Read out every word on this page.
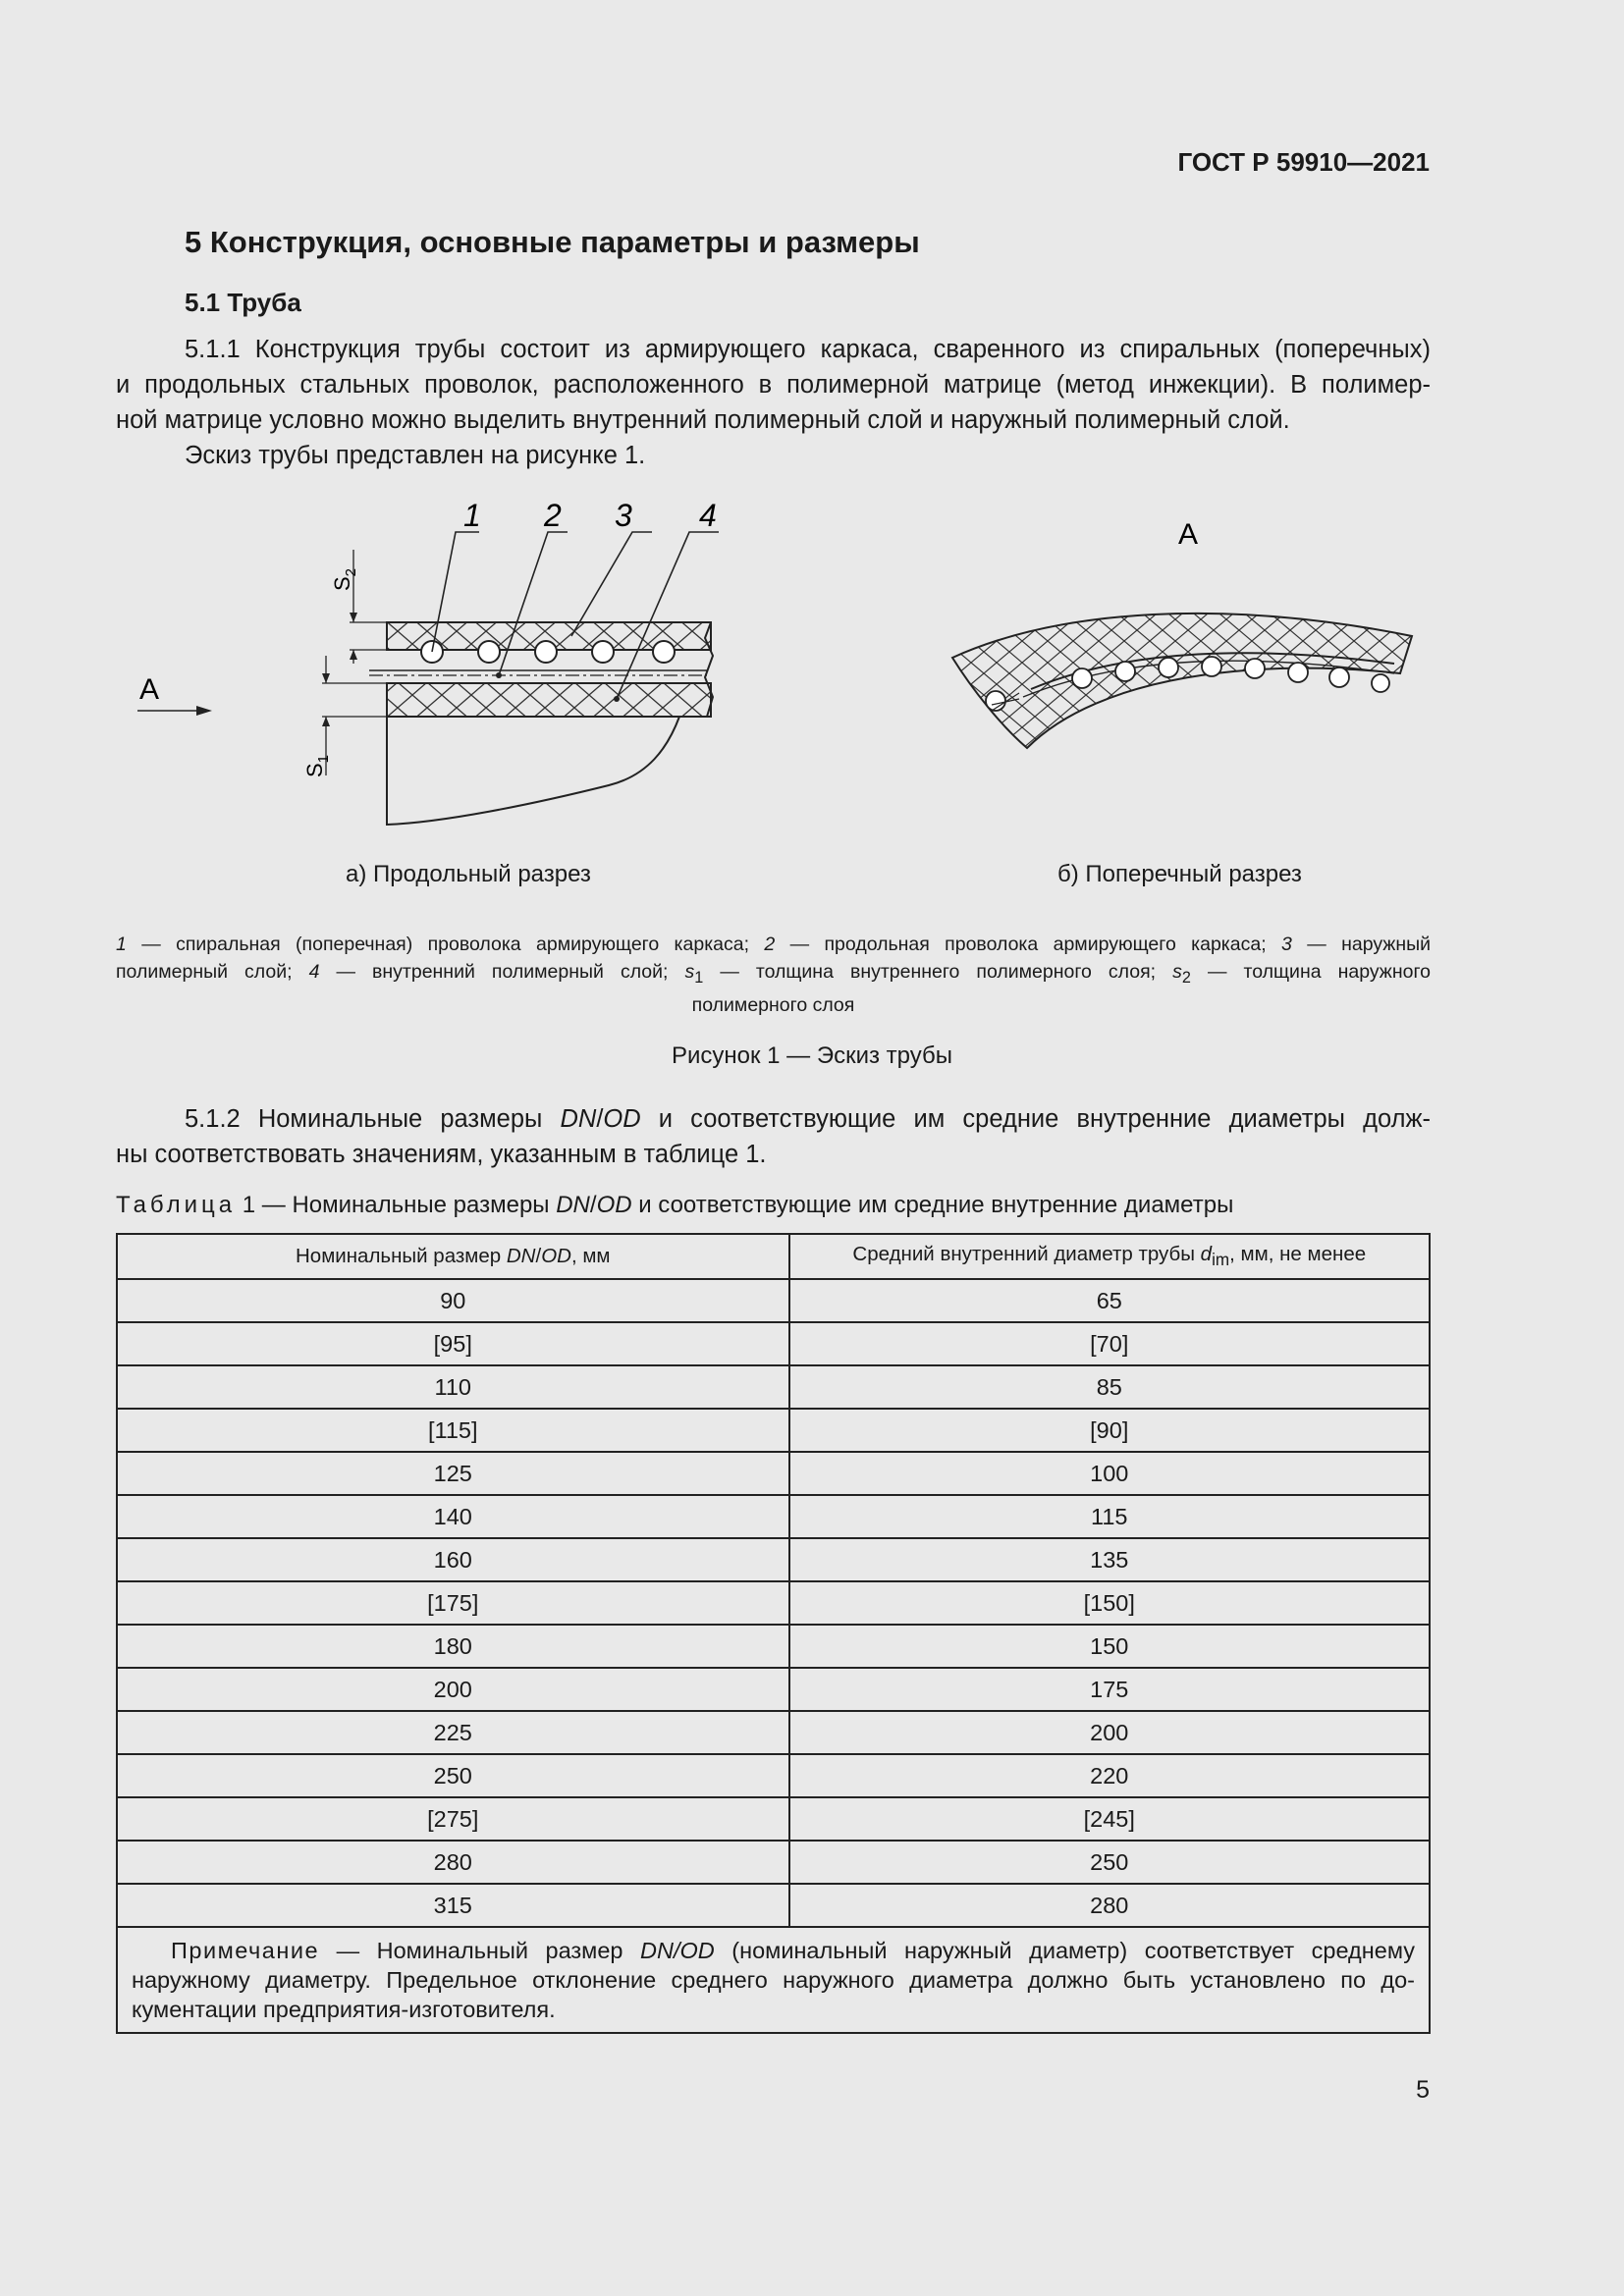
ГОСТ Р 59910—2021
5 Конструкция, основные параметры и размеры
5.1 Труба

5.1.1 Конструкция трубы состоит из армирующего каркаса, сваренного из спиральных (поперечных)
и продольных стальных проволок, расположенного в полимерной матрице (метод инжекции). В полимер-
ной матрице условно можно выделить внутренний полимерный слой и наружный полимерный слой.
Эскиз трубы представлен на рисунке 1.

1 2 3 4
$S_2$
$S_1$
A
A
а) Продольный разрез	б) Поперечный разрез
1 — спиральная (поперечная) проволока армирующего каркаса; 2 — продольная проволока армирующего каркаса; 3 — наружный
полимерный слой; 4 — внутренний полимерный слой; $s_1$ — толщина внутреннего полимерного слоя; $s_2$ — толщина наружного
полимерного слоя
Рисунок 1 — Эскиз трубы

5.1.2 Номинальные размеры DN/OD и соответствующие им средние внутренние диаметры долж-
ны соответствовать значениям, указанным в таблице 1.

Таблица 1 — Номинальные размеры DN/OD и соответствующие им средние внутренние диаметры
Номинальный размер DN/OD, мм	Средний внутренний диаметр трубы $d_{im}$, мм, не менее
90	65
[95]	[70]
110	85
[115]	[90]
125	100
140	115
160	135
[175]	[150]
180	150
200	175
225	200
250	220
[275]	[245]
280	250
315	280

Примечание — Номинальный размер DN/OD (номинальный наружный диаметр) соответствует среднему
наружному диаметру. Предельное отклонение среднего наружного диаметра должно быть установлено по до-
кументации предприятия-изготовителя.	
5
